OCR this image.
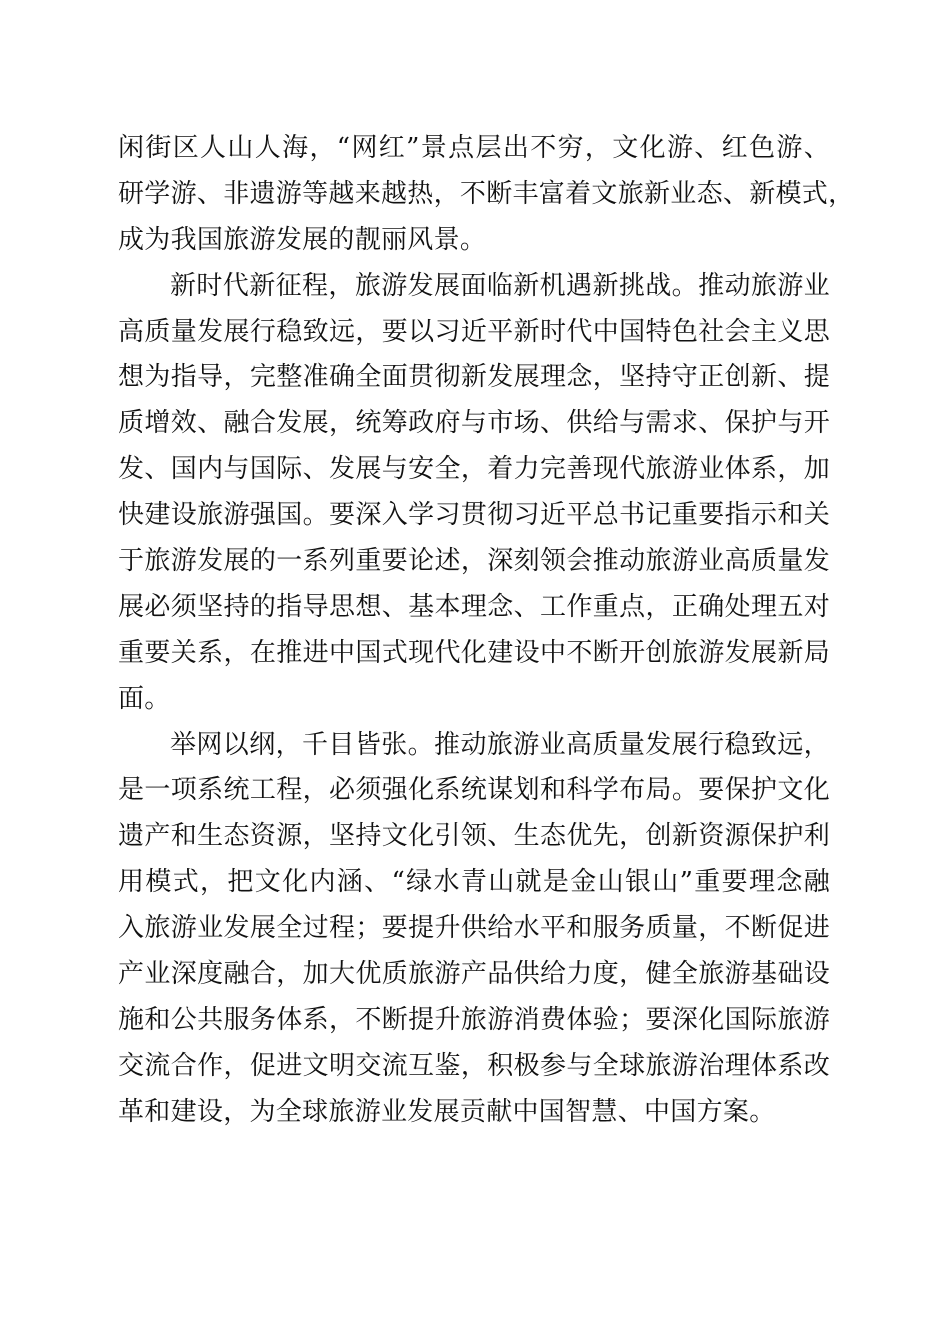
闲街区人山人海，“网红”景点层出不穷，文化游、红色游、
研学游、非遗游等越来越热，不断丰富着文旅新业态、新模式，
成为我国旅游发展的靓丽风景。
新时代新征程，旅游发展面临新机遇新挑战。推动旅游业
高质量发展行稳致远，要以习近平新时代中国特色社会主义思
想为指导，完整准确全面贯彻新发展理念，坚持守正创新、提
质增效、融合发展，统筹政府与市场、供给与需求、保护与开
发、国内与国际、发展与安全，着力完善现代旅游业体系，加
快建设旅游强国。要深入学习贯彻习近平总书记重要指示和关
于旅游发展的一系列重要论述，深刻领会推动旅游业高质量发
展必须坚持的指导思想、基本理念、工作重点，正确处理五对
重要关系，在推进中国式现代化建设中不断开创旅游发展新局
面。
举网以纲，千目皆张。推动旅游业高质量发展行稳致远，
是一项系统工程，必须强化系统谋划和科学布局。要保护文化
遗产和生态资源，坚持文化引领、生态优先，创新资源保护利
用模式，把文化内涵、“绿水青山就是金山银山”重要理念融
入旅游业发展全过程；要提升供给水平和服务质量，不断促进
产业深度融合，加大优质旅游产品供给力度，健全旅游基础设
施和公共服务体系，不断提升旅游消费体验；要深化国际旅游
交流合作，促进文明交流互鉴，积极参与全球旅游治理体系改
革和建设，为全球旅游业发展贡献中国智慧、中国方案。
